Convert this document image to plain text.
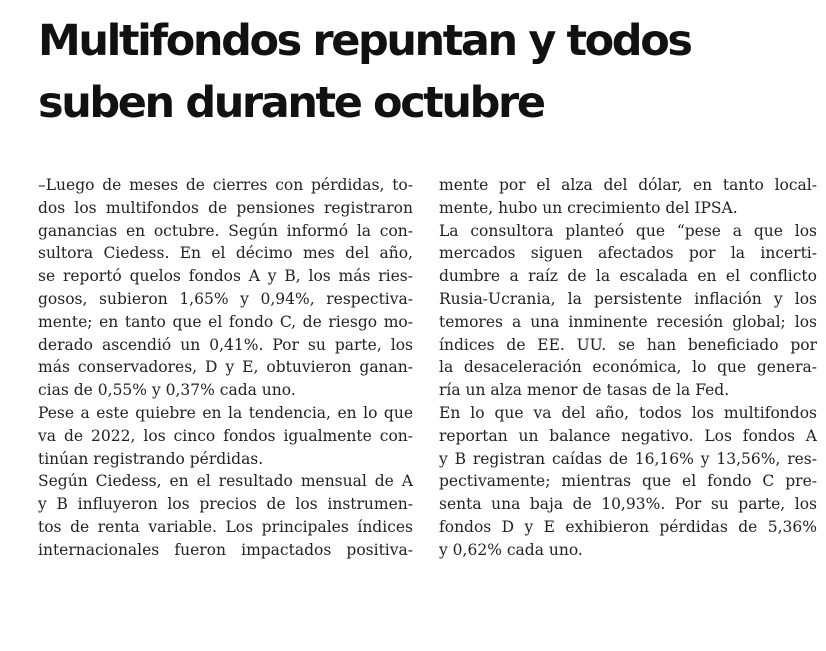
Multifondos repuntan y todos
suben durante octubre
–Luego de meses de cierres con pérdidas, to-
dos los multifondos de pensiones registraron
ganancias en octubre. Según informó la con-
sultora Ciedess. En el décimo mes del año,
se reportó quelos fondos A y B, los más ries-
gosos, subieron 1,65% y 0,94%, respectiva-
mente; en tanto que el fondo C, de riesgo mo-
derado ascendió un 0,41%. Por su parte, los
más conservadores, D y E, obtuvieron ganan-
cias de 0,55% y 0,37% cada uno.
Pese a este quiebre en la tendencia, en lo que
va de 2022, los cinco fondos igualmente con-
tinúan registrando pérdidas.
Según Ciedess, en el resultado mensual de A
y B influyeron los precios de los instrumen-
tos de renta variable. Los principales índices
internacionales fueron impactados positiva-
mente por el alza del dólar, en tanto local-
mente, hubo un crecimiento del IPSA.
La consultora planteó que “pese a que los
mercados siguen afectados por la incerti-
dumbre a raíz de la escalada en el conflicto
Rusia-Ucrania, la persistente inflación y los
temores a una inminente recesión global; los
índices de EE. UU. se han beneficiado por
la desaceleración económica, lo que genera-
ría un alza menor de tasas de la Fed.
En lo que va del año, todos los multifondos
reportan un balance negativo. Los fondos A
y B registran caídas de 16,16% y 13,56%, res-
pectivamente; mientras que el fondo C pre-
senta una baja de 10,93%. Por su parte, los
fondos D y E exhibieron pérdidas de 5,36%
y 0,62% cada uno.
